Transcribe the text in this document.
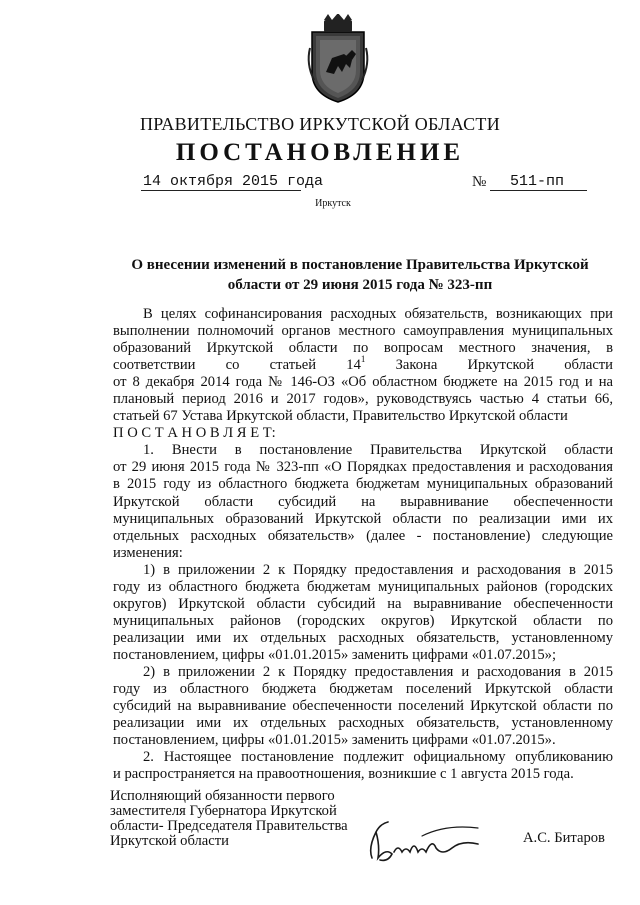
ПРАВИТЕЛЬСТВО ИРКУТСКОЙ ОБЛАСТИ
ПОСТАНОВЛЕНИЕ
14 октября 2015 года	№ 511-пп
Иркутск
О внесении изменений в постановление Правительства Иркутской
области от 29 июня 2015 года № 323-пп

В целях софинансирования расходных обязательств, возникающих при

выполнении полномочий органов местного самоуправления муниципальных

образований Иркутской области по вопросам местного значения, в

соответствии со статьей $14^1$ Закона Иркутской области

от 8 декабря 2014 года № 146-ОЗ «Об областном бюджете на 2015 год и на

плановый период 2016 и 2017 годов», руководствуясь частью 4 статьи 66,

статьей 67 Устава Иркутской области, Правительство Иркутской области

П О С Т А Н О В Л Я Е Т:

1. Внести в постановление Правительства Иркутской области

от 29 июня 2015 года № 323-пп «О Порядках предоставления и расходования

в 2015 году из областного бюджета бюджетам муниципальных образований

Иркутской области субсидий на выравнивание обеспеченности

муниципальных образований Иркутской области по реализации ими их

отдельных расходных обязательств» (далее - постановление) следующие

изменения:

1) в приложении 2 к Порядку предоставления и расходования в 2015

году из областного бюджета бюджетам муниципальных районов (городских

округов) Иркутской области субсидий на выравнивание обеспеченности

муниципальных районов (городских округов) Иркутской области по

реализации ими их отдельных расходных обязательств, установленному

постановлением, цифры «01.01.2015» заменить цифрами «01.07.2015»;

2) в приложении 2 к Порядку предоставления и расходования в 2015

году из областного бюджета бюджетам поселений Иркутской области

субсидий на выравнивание обеспеченности поселений Иркутской области по

реализации ими их отдельных расходных обязательств, установленному

постановлением, цифры «01.01.2015» заменить цифрами «01.07.2015».

2. Настоящее постановление подлежит официальному опубликованию

и распространяется на правоотношения, возникшие с 1 августа 2015 года.

Исполняющий обязанности первого
заместителя Губернатора Иркутской
области- Председателя Правительства
Иркутской области	А.С. Битаров
